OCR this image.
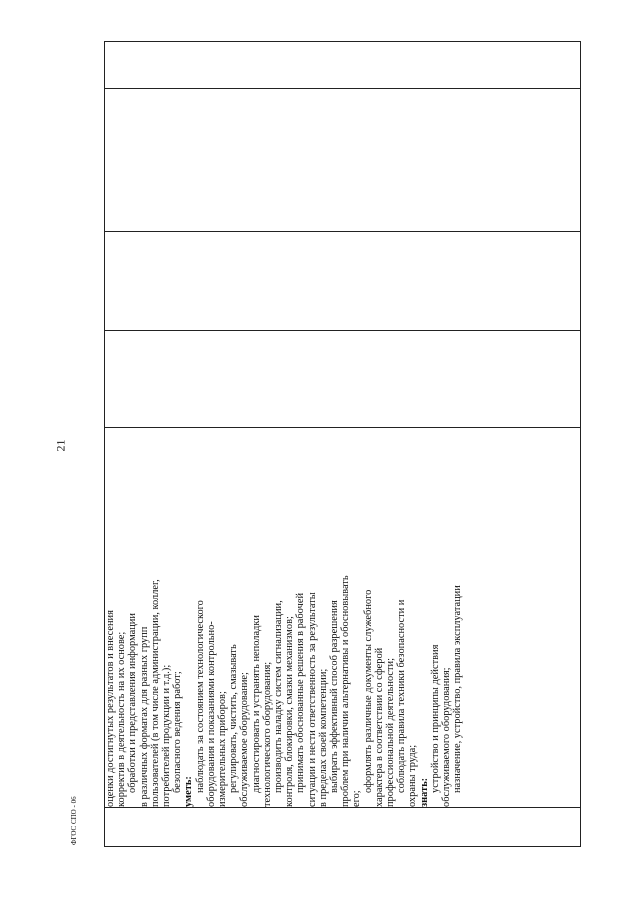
21

оценки достигнутых результатов и внесения корректив в деятельность на их основе; обработки и представления информации в различных форматах для разных групп пользователей (в том числе администрации, коллег, потребителей продукции и т.д.); безопасного ведения работ; уметь: наблюдать за состоянием технологического оборудования и показаниями контрольно- измерительных приборов; регулировать, чистить, смазывать обслуживаемое оборудование; диагностировать и устранять неполадки технологического оборудования; производить наладку систем сигнализации, контроля, блокировки, смазки механизмов; принимать обоснованные решения в рабочей ситуации и нести ответственность за результаты в пределах своей компетенции; выбирать эффективный способ разрешения проблем при наличии альтернативы и обосновывать его;
оформлять различные документы служебного характера в соответствии со сферой профессиональной деятельности; соблюдать правила техники безопасности и охраны труда; знать: устройство и принципы действия обслуживаемого оборудования; назначение, устройство, правила эксплуатации

ФГОС СПО - 06
